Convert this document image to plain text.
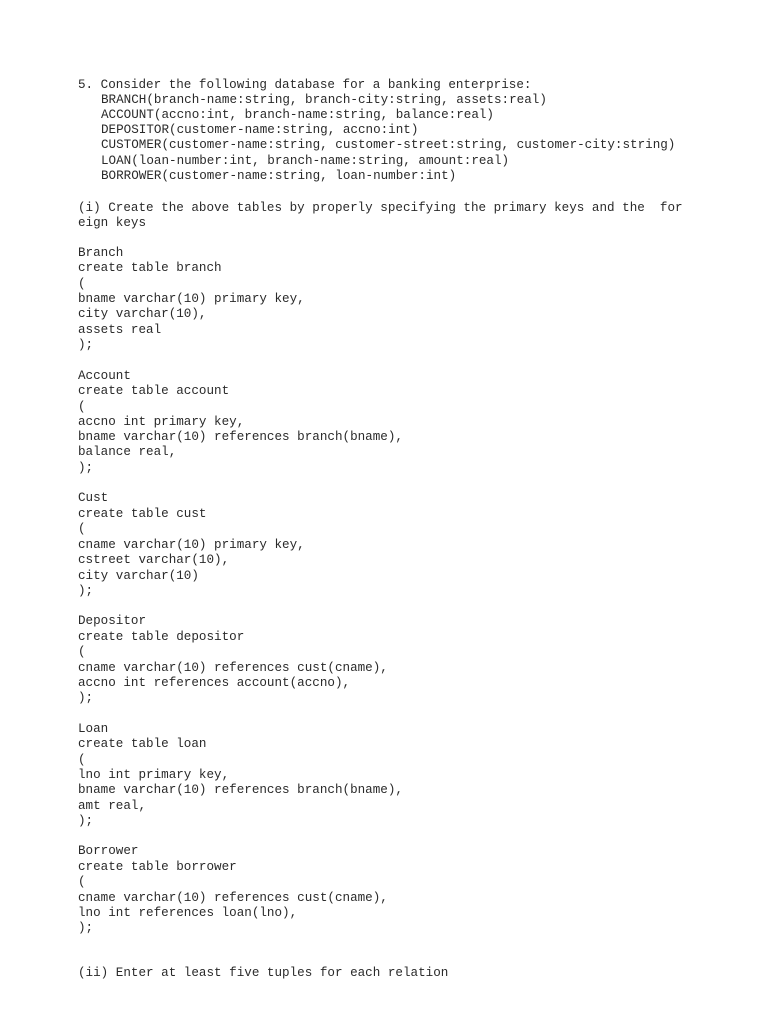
5. Consider the following database for a banking enterprise:
BRANCH(branch-name:string, branch-city:string, assets:real)
ACCOUNT(accno:int, branch-name:string, balance:real)
DEPOSITOR(customer-name:string, accno:int)
CUSTOMER(customer-name:string, customer-street:string, customer-city:string)
LOAN(loan-number:int, branch-name:string, amount:real)
BORROWER(customer-name:string, loan-number:int)
(i) Create the above tables by properly specifying the primary keys and the  for
eign keys
Branch
create table branch
(
bname varchar(10) primary key,
city varchar(10),
assets real
);
Account
create table account
(
accno int primary key,
bname varchar(10) references branch(bname),
balance real,
);
Cust
create table cust
(
cname varchar(10) primary key,
cstreet varchar(10),
city varchar(10)
);
Depositor
create table depositor
(
cname varchar(10) references cust(cname),
accno int references account(accno),
);
Loan
create table loan
(
lno int primary key,
bname varchar(10) references branch(bname),
amt real,
);
Borrower
create table borrower
(
cname varchar(10) references cust(cname),
lno int references loan(lno),
);
(ii) Enter at least five tuples for each relation
